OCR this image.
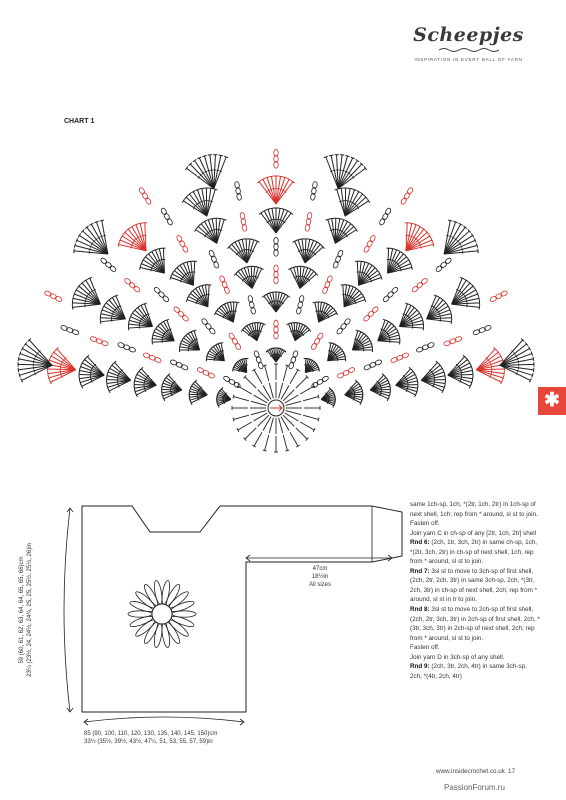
Scheepjes
INSPIRATION IN EVERY BALL OF YARN
CHART 1
✱
47cm
18½in
All sizes
59 (60, 61, 62, 63, 64, 64, 65, 65, 66)cm 23¼ (23½, 24, 24½, 24¾, 25, 25, 25½, 25½, 26)in
85 (90, 100, 110, 120, 130, 135, 140, 145, 150)cm
33½ (35½, 39½, 43½, 47¼, 51, 53, 55, 57, 59)in

same 1ch-sp, 1ch, *(2tr, 1ch, 2tr) in 1ch-sp of next shell, 1ch; rep from * around, sl st to join.

Fasten off.

Join yarn C in ch-sp of any [2tr, 1ch, 2tr] shell

Rnd 6: (2ch, 1tr, 3ch, 2tr) in same ch-sp, 1ch, *(2tr, 3ch, 2tr) in ch-sp of next shell, 1ch; rep from * around, sl st to join.

Rnd 7: 3sl st to move to 3ch-sp of first shell, (2ch, 2tr, 2ch, 3tr) in same 3ch-sp, 2ch, *(3tr, 2ch, 3tr) in ch-sp of next shell, 2ch; rep from * around, sl st in tr to join.

Rnd 8: 3sl st to move to 2ch-sp of first shell, (2ch, 2tr, 3ch, 3tr) in 2ch-sp of first shell, 2ch, *(3tr, 3ch, 3tr) in 2ch-sp of next shell, 2ch; rep from * around, sl st to join.

Fasten off.

Join yarn D in 3ch-sp of any shell.

Rnd 9: (2ch, 3tr, 2ch, 4tr) in same 3ch-sp, 2ch, *(4tr, 2ch, 4tr)

www.insidecrochet.co.uk 17
PassionForum.ru
